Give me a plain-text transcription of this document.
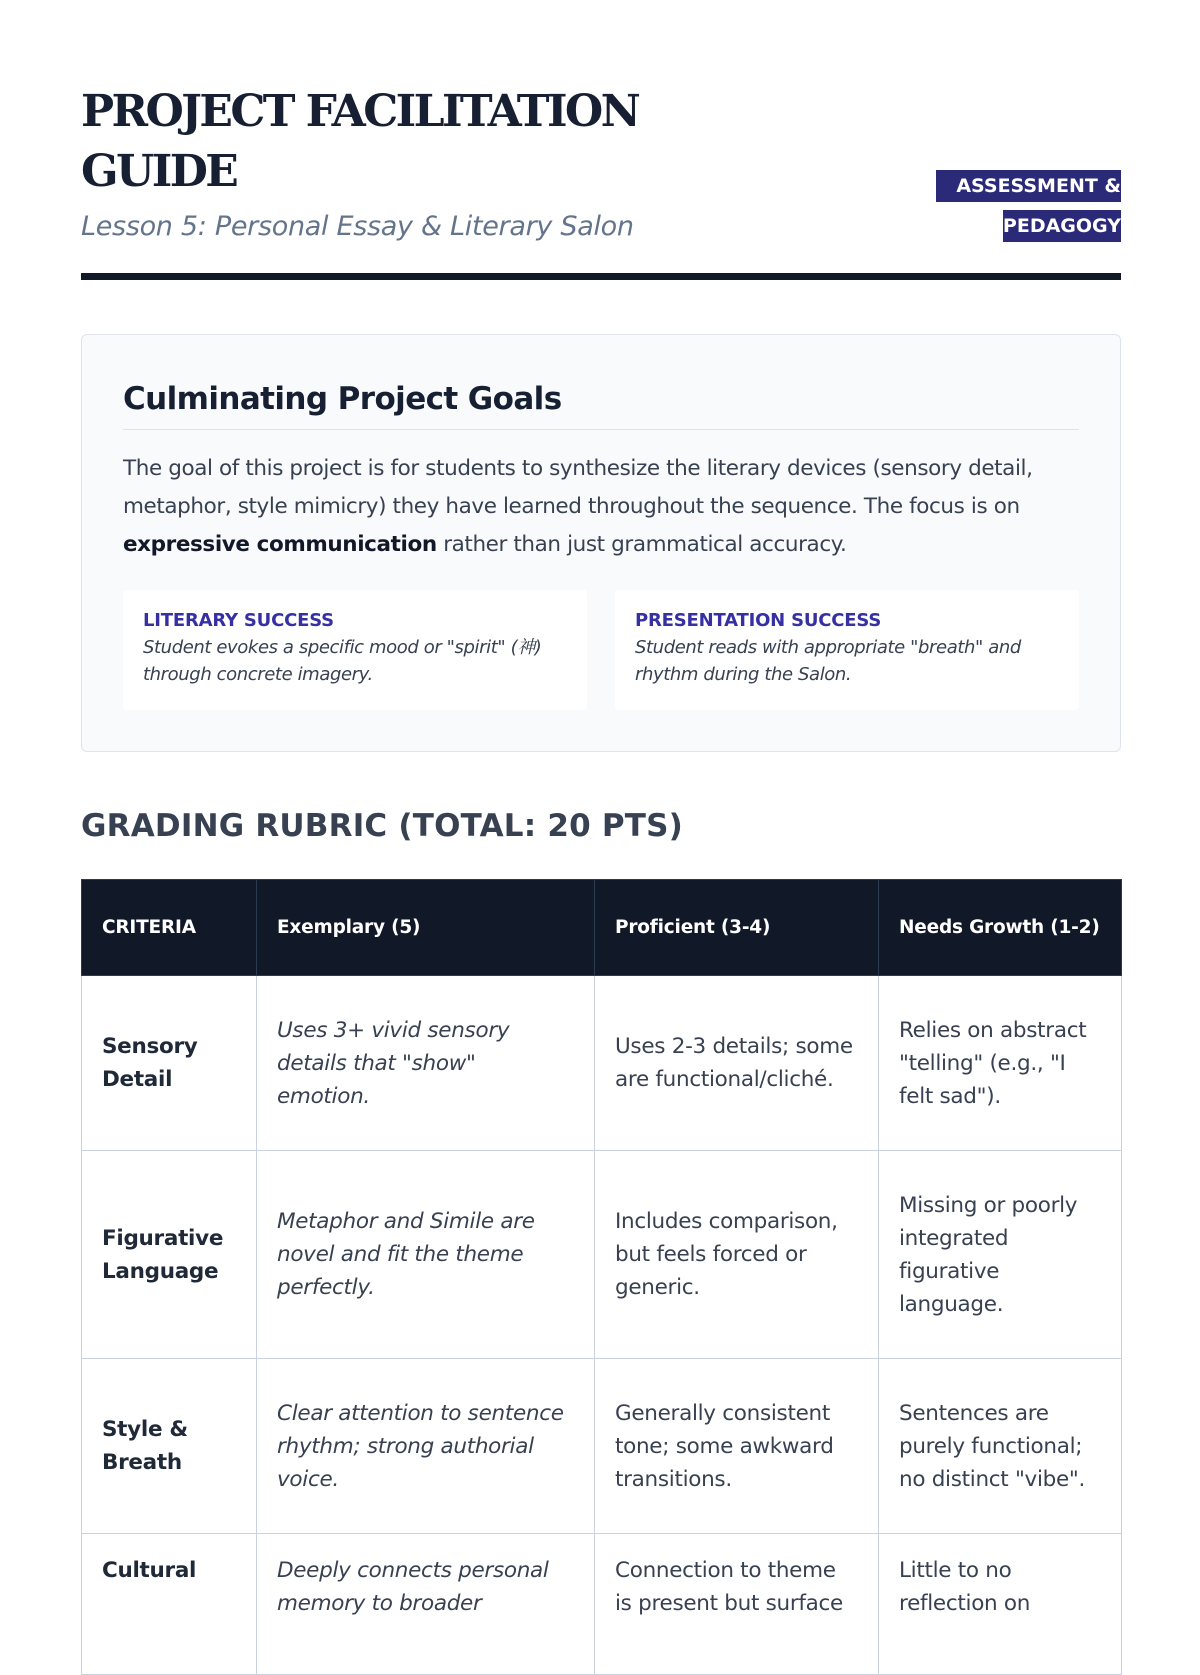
PROJECT FACILITATION GUIDE

Lesson 5: Personal Essay & Literary Salon

ASSESSMENT & PEDAGOGY
Culminating Project Goals

The goal of this project is for students to synthesize the literary devices (sensory detail, metaphor, style mimicry) they have learned throughout the sequence. The focus is on expressive communication rather than just grammatical accuracy.

LITERARY SUCCESS
Student evokes a specific mood or "spirit" (神) through concrete imagery.
PRESENTATION SUCCESS
Student reads with appropriate "breath" and rhythm during the Salon.
GRADING RUBRIC (TOTAL: 20 PTS)
CRITERIA	Exemplary (5)	Proficient (3-4)	Needs Growth (1-2)
Sensory Detail	Uses 3+ vivid sensory details that "show" emotion.	Uses 2-3 details; some are functional/cliché.	Relies on abstract "telling" (e.g., "I felt sad").
Figurative Language	Metaphor and Simile are novel and fit the theme perfectly.	Includes comparison, but feels forced or generic.	Missing or poorly integrated figurative language.
Style & Breath	Clear attention to sentence rhythm; strong authorial voice.	Generally consistent tone; some awkward transitions.	Sentences are purely functional; no distinct "vibe".
Cultural	Deeply connects personal memory to broader	Connection to theme is present but surface	Little to no reflection on
